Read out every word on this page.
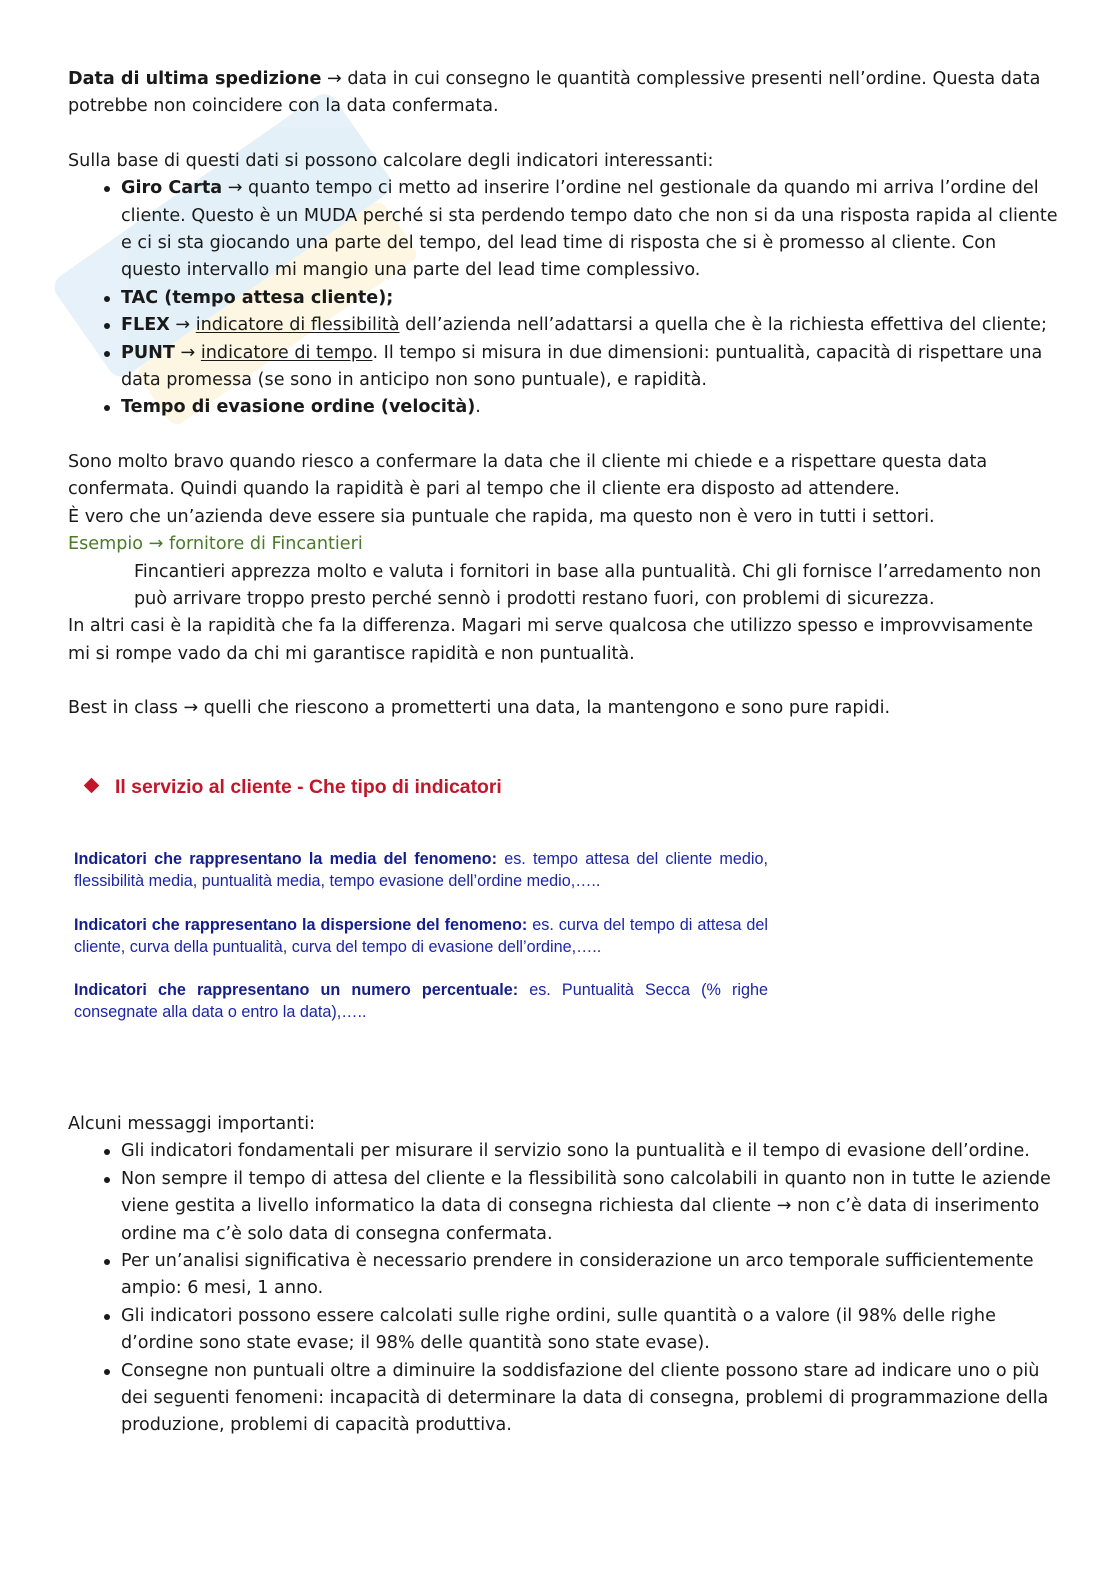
Data di ultima spedizione → data in cui consegno le quantità complessive presenti nell’ordine. Questa data potrebbe non coincidere con la data confermata.

Sulla base di questi dati si possono calcolare degli indicatori interessanti:

Giro Carta → quanto tempo ci metto ad inserire l’ordine nel gestionale da quando mi arriva l’ordine del cliente. Questo è un MUDA perché si sta perdendo tempo dato che non si da una risposta rapida al cliente e ci si sta giocando una parte del tempo, del lead time di risposta che si è promesso al cliente. Con questo intervallo mi mangio una parte del lead time complessivo.
TAC (tempo attesa cliente);
FLEX → indicatore di flessibilità dell’azienda nell’adattarsi a quella che è la richiesta effettiva del cliente;
PUNT → indicatore di tempo. Il tempo si misura in due dimensioni: puntualità, capacità di rispettare una data promessa (se sono in anticipo non sono puntuale), e rapidità.
Tempo di evasione ordine (velocità).

Sono molto bravo quando riesco a confermare la data che il cliente mi chiede e a rispettare questa data confermata. Quindi quando la rapidità è pari al tempo che il cliente era disposto ad attendere.

È vero che un’azienda deve essere sia puntuale che rapida, ma questo non è vero in tutti i settori.

Esempio → fornitore di Fincantieri

Fincantieri apprezza molto e valuta i fornitori in base alla puntualità. Chi gli fornisce l’arredamento non può arrivare troppo presto perché sennò i prodotti restano fuori, con problemi di sicurezza.

In altri casi è la rapidità che fa la differenza. Magari mi serve qualcosa che utilizzo spesso e improvvisamente mi si rompe vado da chi mi garantisce rapidità e non puntualità.

Best in class → quelli che riescono a prometterti una data, la mantengono e sono pure rapidi.

Il servizio al cliente - Che tipo di indicatori

Indicatori che rappresentano la media del fenomeno: es. tempo attesa del cliente medio, flessibilità media, puntualità media, tempo evasione dell’ordine medio,…..

Indicatori che rappresentano la dispersione del fenomeno: es. curva del tempo di attesa del cliente, curva della puntualità, curva del tempo di evasione dell’ordine,…..

Indicatori che rappresentano un numero percentuale: es. Puntualità Secca (% righe consegnate alla data o entro la data),…..

Alcuni messaggi importanti:

Gli indicatori fondamentali per misurare il servizio sono la puntualità e il tempo di evasione dell’ordine.
Non sempre il tempo di attesa del cliente e la flessibilità sono calcolabili in quanto non in tutte le aziende viene gestita a livello informatico la data di consegna richiesta dal cliente → non c’è data di inserimento ordine ma c’è solo data di consegna confermata.
Per un’analisi significativa è necessario prendere in considerazione un arco temporale sufficientemente ampio: 6 mesi, 1 anno.
Gli indicatori possono essere calcolati sulle righe ordini, sulle quantità o a valore (il 98% delle righe d’ordine sono state evase; il 98% delle quantità sono state evase).
Consegne non puntuali oltre a diminuire la soddisfazione del cliente possono stare ad indicare uno o più dei seguenti fenomeni: incapacità di determinare la data di consegna, problemi di programmazione della produzione, problemi di capacità produttiva.
